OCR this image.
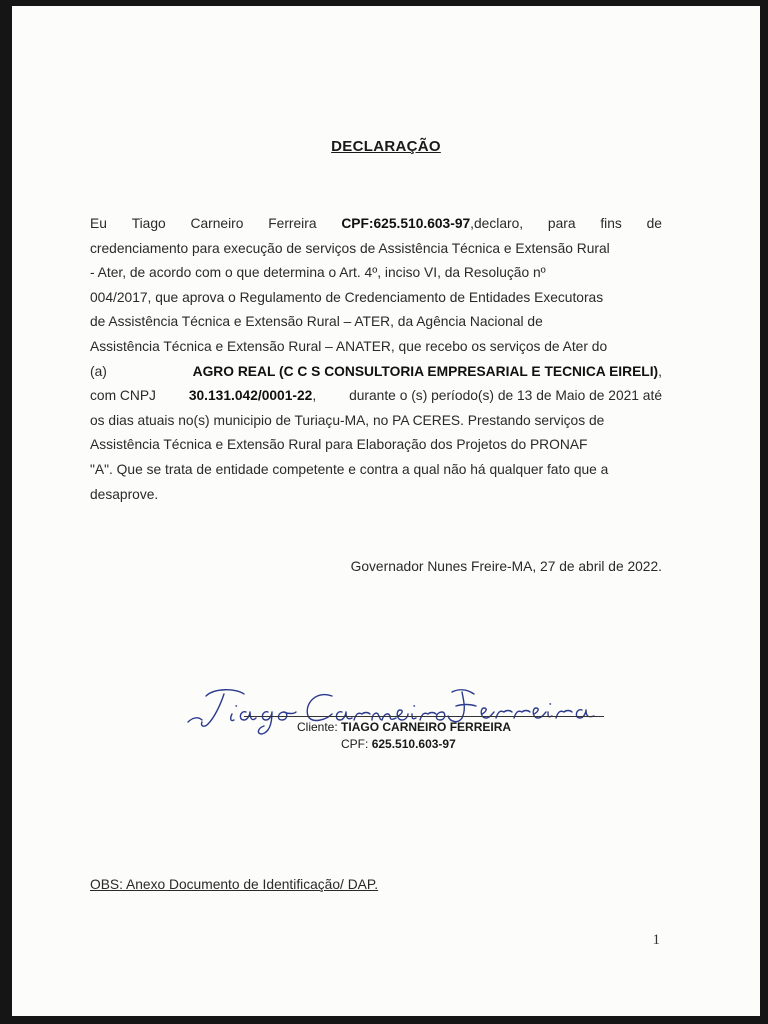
DECLARAÇÃO
Eu Tiago Carneiro Ferreira CPF:625.510.603-97,declaro, para fins de
credenciamento para execução de serviços de Assistência Técnica e Extensão Rural
- Ater, de acordo com o que determina o Art. 4º, inciso VI, da Resolução nº
004/2017, que aprova o Regulamento de Credenciamento de Entidades Executoras
de Assistência Técnica e Extensão Rural – ATER, da Agência Nacional de
Assistência Técnica e Extensão Rural – ANATER, que recebo os serviços de Ater do
(a)	AGRO REAL (C C S CONSULTORIA EMPRESARIAL E TECNICA EIRELI),
com CNPJ 30.131.042/0001-22, durante o (s) período(s) de 13 de Maio de 2021 até
os dias atuais no(s) municipio de Turiaçu-MA, no PA CERES. Prestando serviços de
Assistência Técnica e Extensão Rural para Elaboração dos Projetos do PRONAF
"A". Que se trata de entidade competente e contra a qual não há qualquer fato que a
desaprove.
Governador Nunes Freire-MA, 27 de abril de 2022.
Cliente: TIAGO CARNEIRO FERREIRA
CPF: 625.510.603-97
OBS: Anexo Documento de Identificação/ DAP.
1
